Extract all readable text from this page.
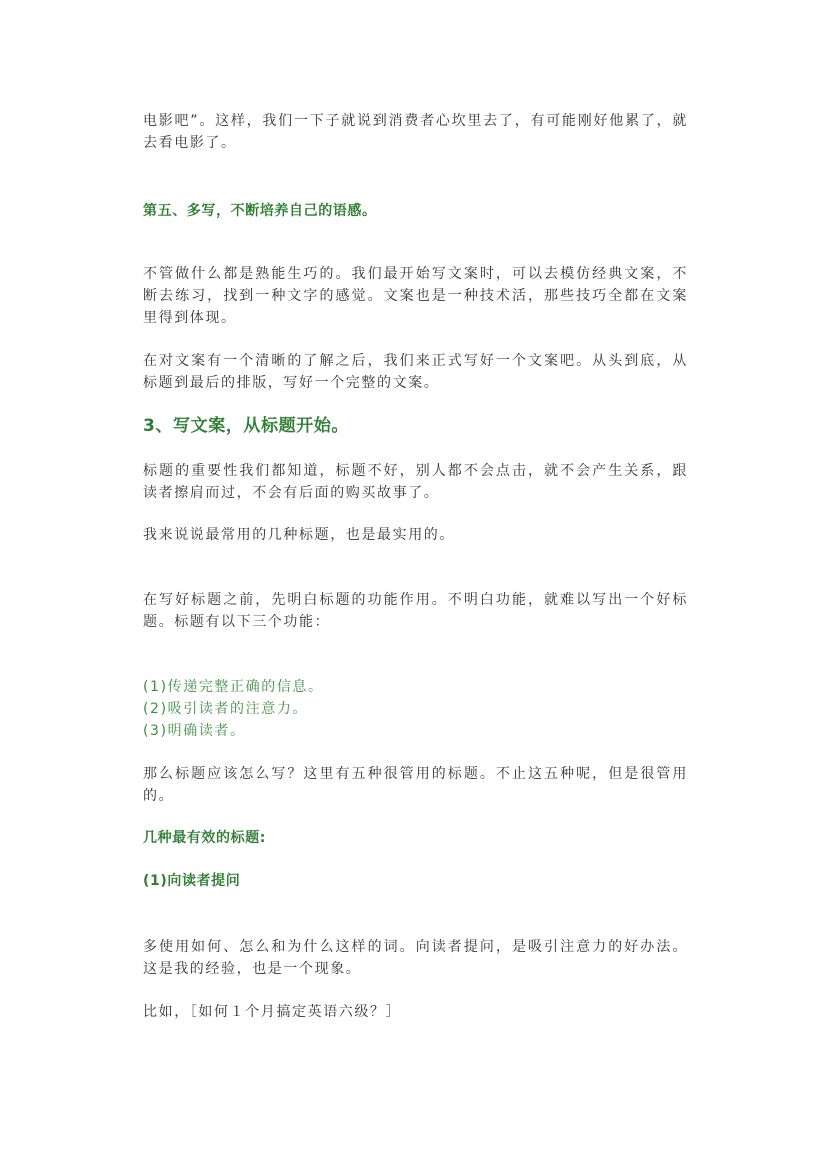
电影吧”。这样，我们一下子就说到消费者心坎里去了，有可能刚好他累了，就去看电影了。

第五、多写，不断培养自己的语感。

不管做什么都是熟能生巧的。我们最开始写文案时，可以去模仿经典文案，不断去练习，找到一种文字的感觉。文案也是一种技术活，那些技巧全都在文案里得到体现。

在对文案有一个清晰的了解之后，我们来正式写好一个文案吧。从头到底，从标题到最后的排版，写好一个完整的文案。

3、写文案，从标题开始。

标题的重要性我们都知道，标题不好，别人都不会点击，就不会产生关系，跟读者擦肩而过，不会有后面的购买故事了。

我来说说最常用的几种标题，也是最实用的。

在写好标题之前，先明白标题的功能作用。不明白功能，就难以写出一个好标题。标题有以下三个功能：

(1)传递完整正确的信息。
(2)吸引读者的注意力。
(3)明确读者。

那么标题应该怎么写？这里有五种很管用的标题。不止这五种呢，但是很管用的。

几种最有效的标题:
(1)向读者提问

多使用如何、怎么和为什么这样的词。向读者提问，是吸引注意力的好办法。这是我的经验，也是一个现象。

比如，［如何１个月搞定英语六级？］
